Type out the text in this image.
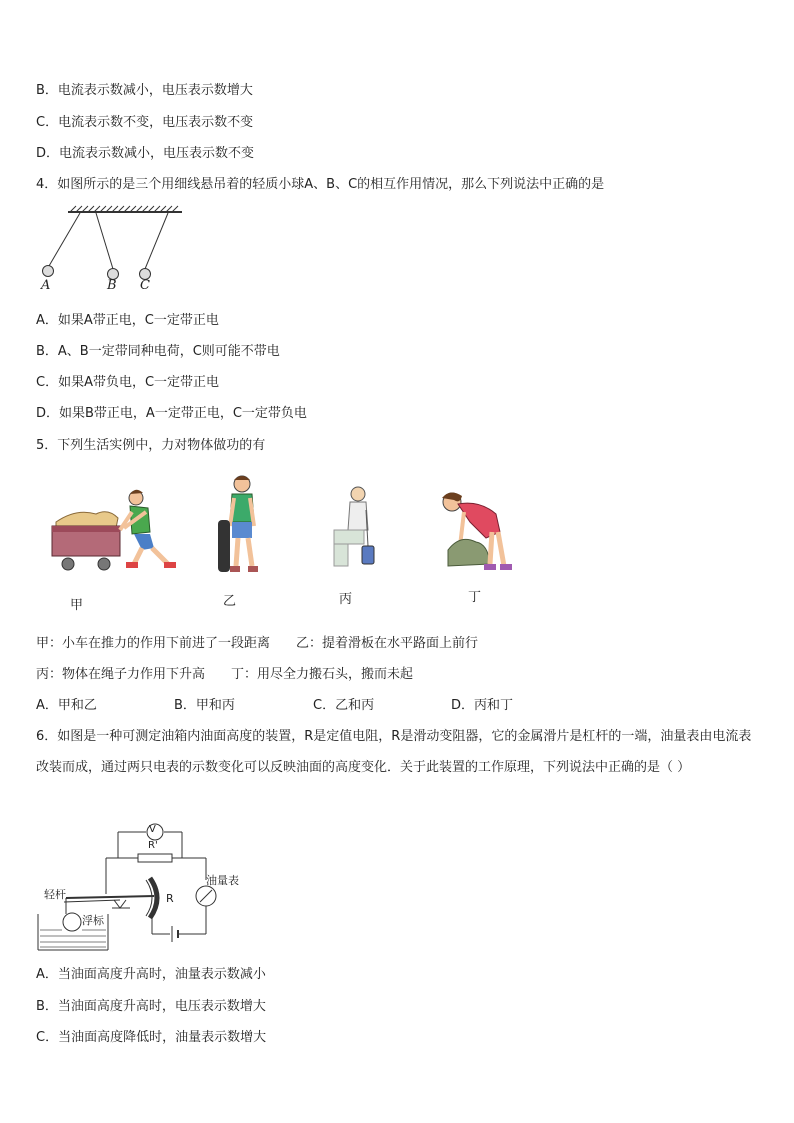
B．电流表示数减小，电压表示数增大
C．电流表示数不变，电压表示数不变
D．电流表示数减小，电压表示数不变
4．如图所示的是三个用细线悬吊着的轻质小球A、B、C的相互作用情况，那么下列说法中正确的是
A	B C
A．如果A带正电，C一定带正电
B．A、B一定带同种电荷，C则可能不带电
C．如果A带负电，C一定带正电
D．如果B带正电，A一定带正电，C一定带负电
5．下列生活实例中，力对物体做功的有
甲	乙	丙	丁
甲：小车在推力的作用下前进了一段距离　　乙：提着滑板在水平路面上前行
丙：物体在绳子力作用下升高　　丁：用尽全力搬石头，搬而未起
A．甲和乙	B．甲和丙	C．乙和丙	D．丙和丁
6．如图是一种可测定油箱内油面高度的装置，R是定值电阻，R是滑动变阻器，它的金属滑片是杠杆的一端，油量表由电流表改装而成，通过两只电表的示数变化可以反映油面的高度变化．关于此装置的工作原理，下列说法中正确的是（ ）
V
R'
R
油量表
轻杆
浮标
A．当油面高度升高时，油量表示数减小
B．当油面高度升高时，电压表示数增大
C．当油面高度降低时，油量表示数增大
